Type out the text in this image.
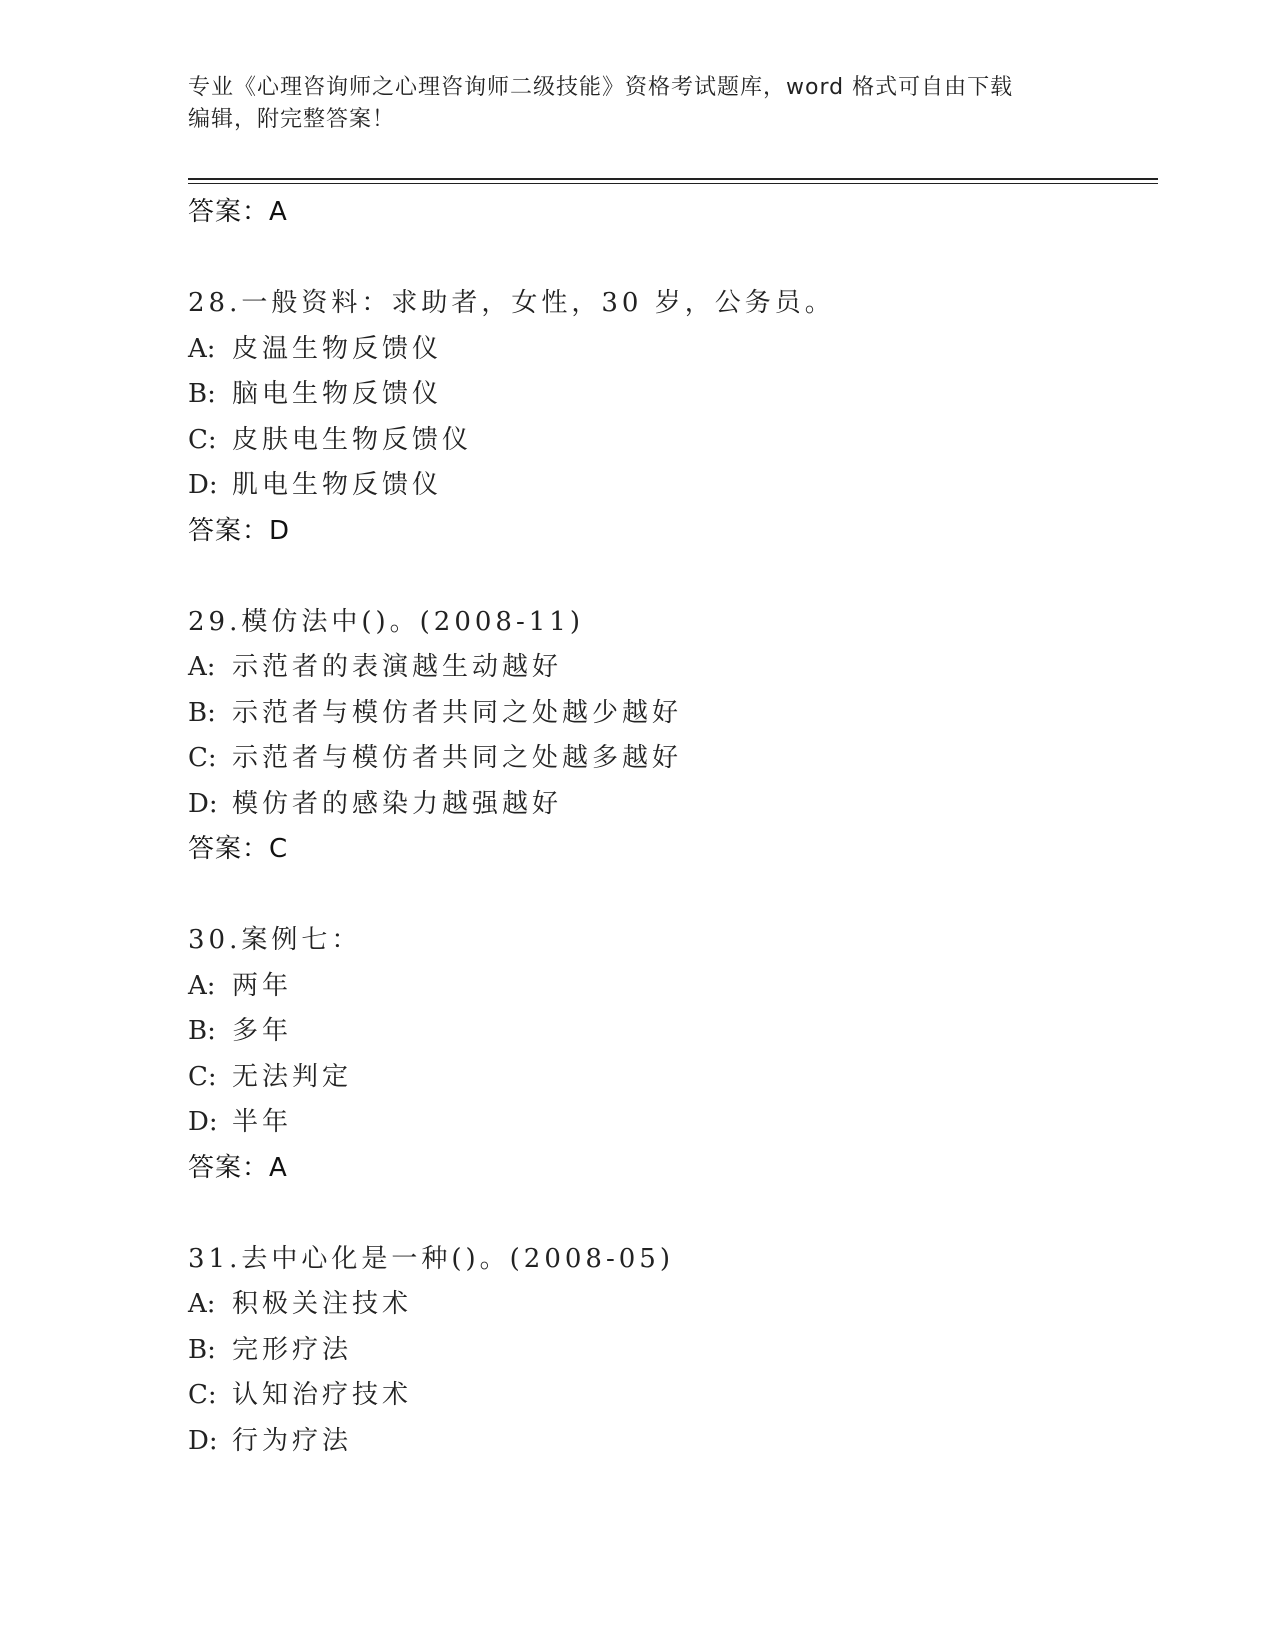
专业《心理咨询师之心理咨询师二级技能》资格考试题库，word 格式可自由下载
编辑，附完整答案！
答案：A
28.一般资料：求助者，女性，30 岁，公务员。
A: 皮温生物反馈仪
B: 脑电生物反馈仪
C: 皮肤电生物反馈仪
D: 肌电生物反馈仪
答案：D
29.模仿法中()。(2008-11)
A: 示范者的表演越生动越好
B: 示范者与模仿者共同之处越少越好
C: 示范者与模仿者共同之处越多越好
D: 模仿者的感染力越强越好
答案：C
30.案例七：
A: 两年
B: 多年
C: 无法判定
D: 半年
答案：A
31.去中心化是一种()。(2008-05)
A: 积极关注技术
B: 完形疗法
C: 认知治疗技术
D: 行为疗法
